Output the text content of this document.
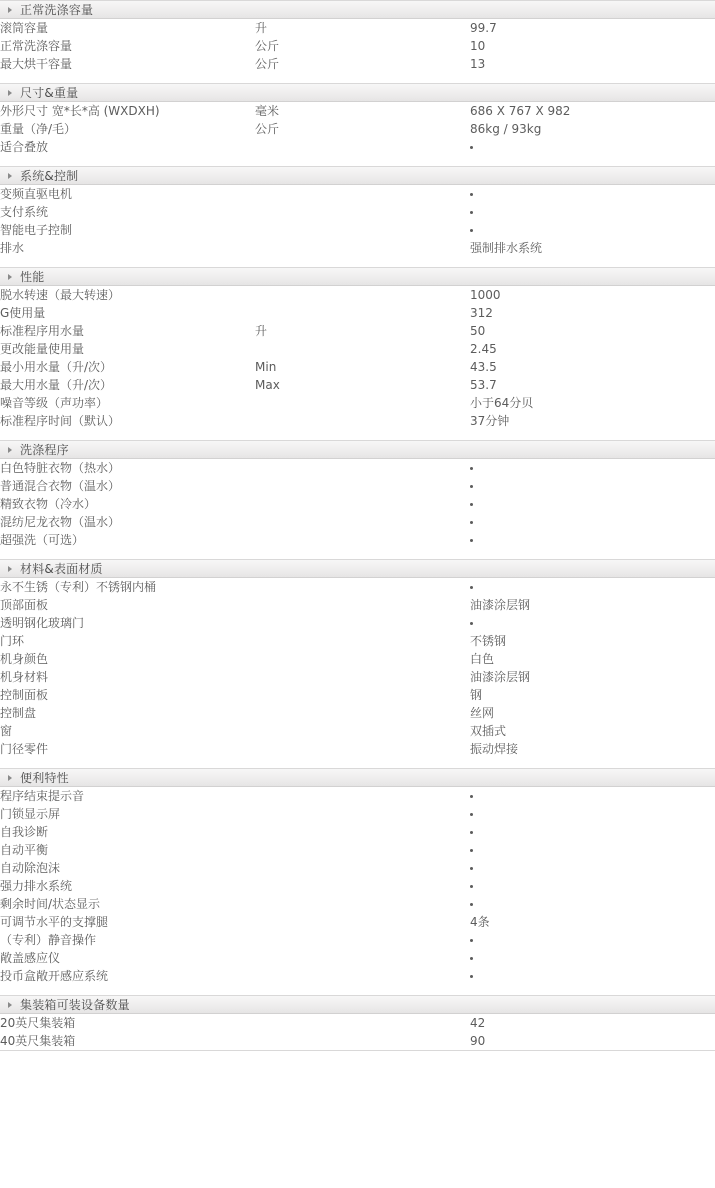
正常洗涤容量
滚筒容量	升	99.7
正常洗涤容量	公斤	10
最大烘干容量	公斤	13
尺寸&重量
外形尺寸 宽*长*高 (WXDXH)	毫米	686 X 767 X 982
重量（净/毛）	公斤	86kg / 93kg
适合叠放		
系统&控制
变频直驱电机		
支付系统		
智能电子控制		
排水		强制排水系统
性能
脱水转速（最大转速）		1000
G使用量		312
标准程序用水量	升	50
更改能量使用量		2.45
最小用水量（升/次）	Min	43.5
最大用水量（升/次）	Max	53.7
噪音等级（声功率）		小于64分贝
标准程序时间（默认）		37分钟
洗涤程序
白色特脏衣物（热水）		
普通混合衣物（温水）		
精致衣物（冷水）		
混纺尼龙衣物（温水）		
超强洗（可选）		
材料&表面材质
永不生锈（专利）不锈钢内桶		
顶部面板		油漆涂层钢
透明钢化玻璃门		
门环		不锈钢
机身颜色		白色
机身材料		油漆涂层钢
控制面板		钢
控制盘		丝网
窗		双插式
门径零件		振动焊接
便利特性
程序结束提示音		
门锁显示屏		
自我诊断		
自动平衡		
自动除泡沫		
强力排水系统		
剩余时间/状态显示		
可调节水平的支撑腿		4条
（专利）静音操作		
敞盖感应仪		
投币盒敞开感应系统		
集装箱可装设备数量
20英尺集装箱		42
40英尺集装箱		90
